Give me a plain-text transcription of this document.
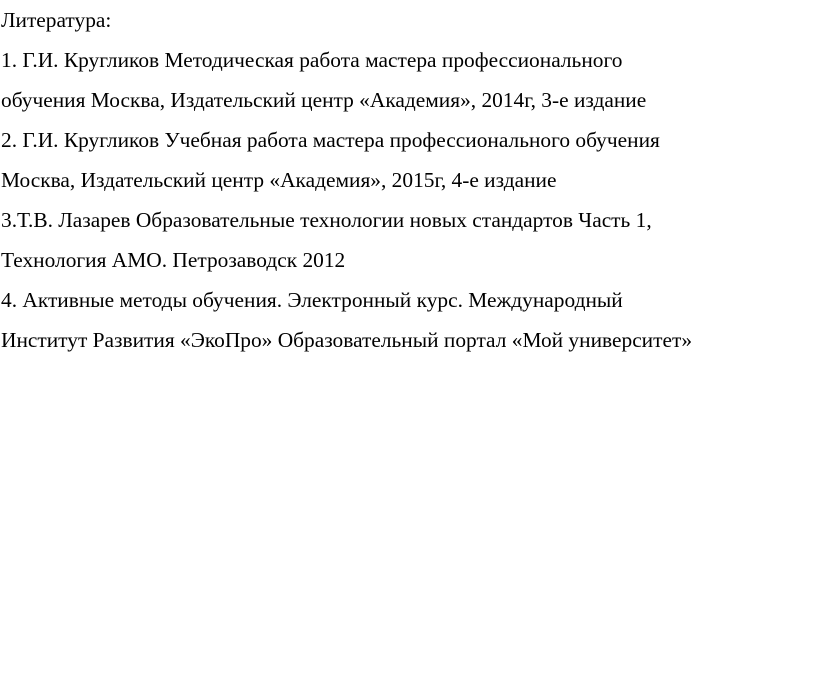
Литература:

1. Г.И. Кругликов Методическая работа мастера профессионального

обучения Москва, Издательский центр «Академия», 2014г, 3-е издание

2. Г.И. Кругликов Учебная работа мастера профессионального обучения

Москва, Издательский центр «Академия», 2015г, 4-е издание

3.Т.В. Лазарев Образовательные технологии новых стандартов Часть 1,

Технология АМО. Петрозаводск 2012

4. Активные методы обучения. Электронный курс. Международный

Институт Развития «ЭкоПро» Образовательный портал «Мой университет»
